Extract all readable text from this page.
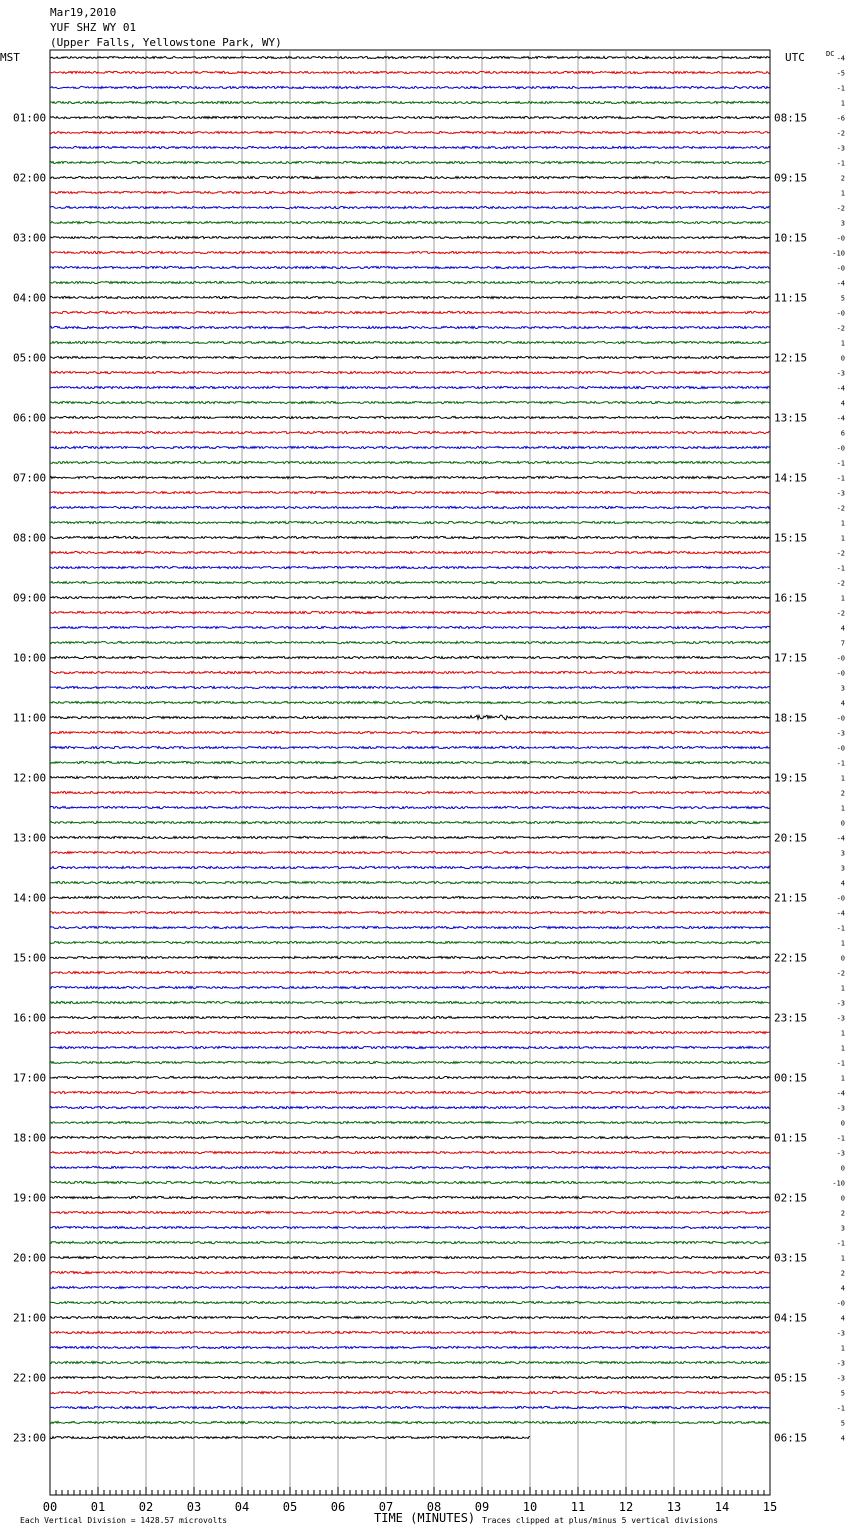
Mar19,2010
YUF SHZ WY 01
(Upper Falls, Yellowstone Park, WY)
MST	UTC	DC
01:00
02:00
03:00
04:00
05:00
06:00
07:00
08:00
09:00
10:00
11:00
12:00
13:00
14:00
15:00
16:00
17:00
18:00
19:00
20:00
21:00
22:00
23:00
08:15
09:15
10:15
11:15
12:15
13:15
14:15
15:15
16:15
17:15
18:15
19:15
20:15
21:15
22:15
23:15
00:15
01:15
02:15
03:15
04:15
05:15
06:15
-4
-5
-1
1
-6
-2
-3
-1
2
1
-2
3
-0
-10
-0
-4
5
-0
-2
1
0
-3
-4
4
-4
6
-0
-1
-1
-3
-2
1
1
-2
-1
-2
1
-2
4
7
-0
-0
3
4
-0
-3
-0
-1
1
2
1
0
-4
3
3
4
-0
-4
-1
1
0
-2
1
-3
-3
1
1
-1
1
-4
-3
0
-1
-3
0
-10
0
2
3
-1
1
2
4
-0
4
-3
1
-3
-3
5
-1
5
4
00	01	02	03	04	05	06	07	08	09	10	11	12	13	14	15
TIME (MINUTES)
Each Vertical Division = 1428.57 microvolts	Traces clipped at plus/minus 5 vertical divisions
